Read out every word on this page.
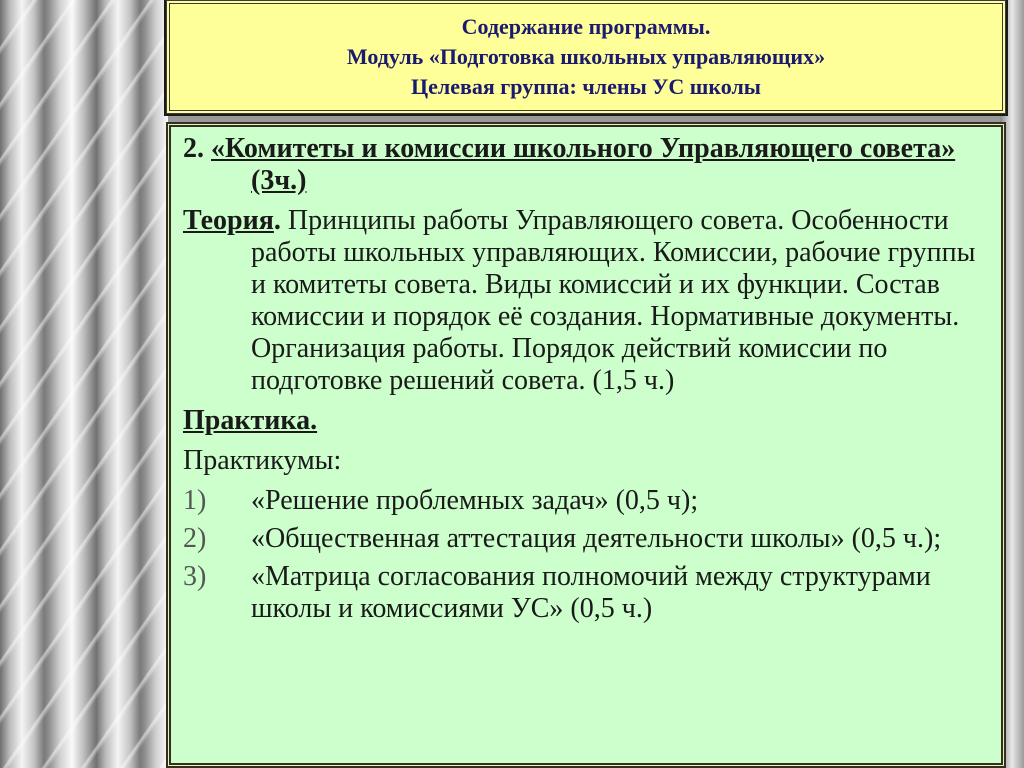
Содержание программы.
Модуль «Подготовка школьных управляющих»
Целевая группа: члены УС школы

2. «Комитеты и комиссии школьного Управляющего совета» (3ч.)

Теория. Принципы работы Управляющего совета. Особенности работы школьных управляющих. Комиссии, рабочие группы и комитеты совета. Виды комиссий и их функции. Состав комиссии и порядок её создания. Нормативные документы. Организация работы. Порядок действий комиссии по подготовке решений совета. (1,5 ч.)

Практика.

Практикумы:

1)	«Решение проблемных задач» (0,5 ч);
2)	«Общественная аттестация деятельности школы» (0,5 ч.);
3)	«Матрица согласования полномочий между структурами школы и комиссиями УС» (0,5 ч.)
